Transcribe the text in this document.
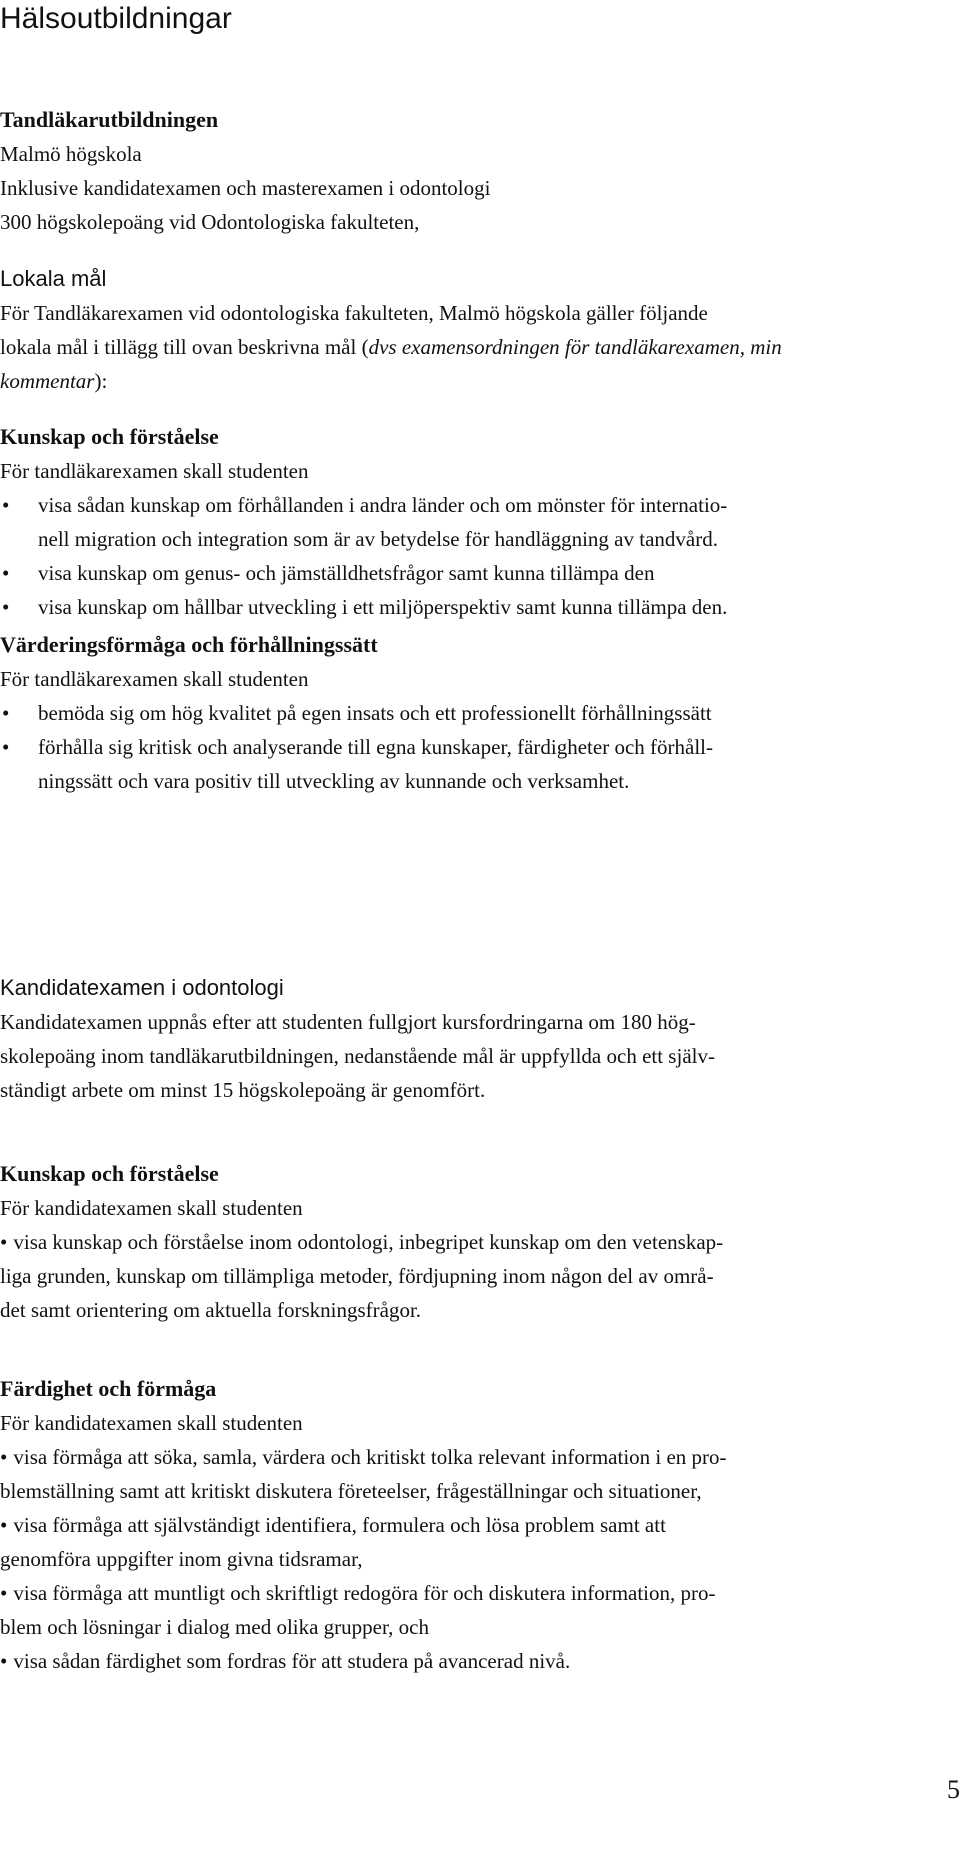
Hälsoutbildningar
Tandläkarutbildningen
Malmö högskola
Inklusive kandidatexamen och masterexamen i odontologi
300 högskolepoäng vid Odontologiska fakulteten,
Lokala mål
För Tandläkarexamen vid odontologiska fakulteten, Malmö högskola gäller följande
lokala mål i tillägg till ovan beskrivna mål (dvs examensordningen för tandläkarexamen, min
kommentar):
Kunskap och förståelse
För tandläkarexamen skall studenten
• visa sådan kunskap om förhållanden i andra länder och om mönster för internatio-
nell migration och integration som är av betydelse för handläggning av tandvård.
• visa kunskap om genus- och jämställdhetsfrågor samt kunna tillämpa den
• visa kunskap om hållbar utveckling i ett miljöperspektiv samt kunna tillämpa den.
Värderingsförmåga och förhållningssätt
För tandläkarexamen skall studenten
• bemöda sig om hög kvalitet på egen insats och ett professionellt förhållningssätt
• förhålla sig kritisk och analyserande till egna kunskaper, färdigheter och förhåll-
ningssätt och vara positiv till utveckling av kunnande och verksamhet.
Kandidatexamen i odontologi
Kandidatexamen uppnås efter att studenten fullgjort kursfordringarna om 180 hög-
skolepoäng inom tandläkarutbildningen, nedanstående mål är uppfyllda och ett själv-
ständigt arbete om minst 15 högskolepoäng är genomfört.
Kunskap och förståelse
För kandidatexamen skall studenten
• visa kunskap och förståelse inom odontologi, inbegripet kunskap om den vetenskap-
liga grunden, kunskap om tillämpliga metoder, fördjupning inom någon del av områ-
det samt orientering om aktuella forskningsfrågor.
Färdighet och förmåga
För kandidatexamen skall studenten
• visa förmåga att söka, samla, värdera och kritiskt tolka relevant information i en pro-
blemställning samt att kritiskt diskutera företeelser, frågeställningar och situationer,
• visa förmåga att självständigt identifiera, formulera och lösa problem samt att
genomföra uppgifter inom givna tidsramar,
• visa förmåga att muntligt och skriftligt redogöra för och diskutera information, pro-
blem och lösningar i dialog med olika grupper, och
• visa sådan färdighet som fordras för att studera på avancerad nivå.
5
